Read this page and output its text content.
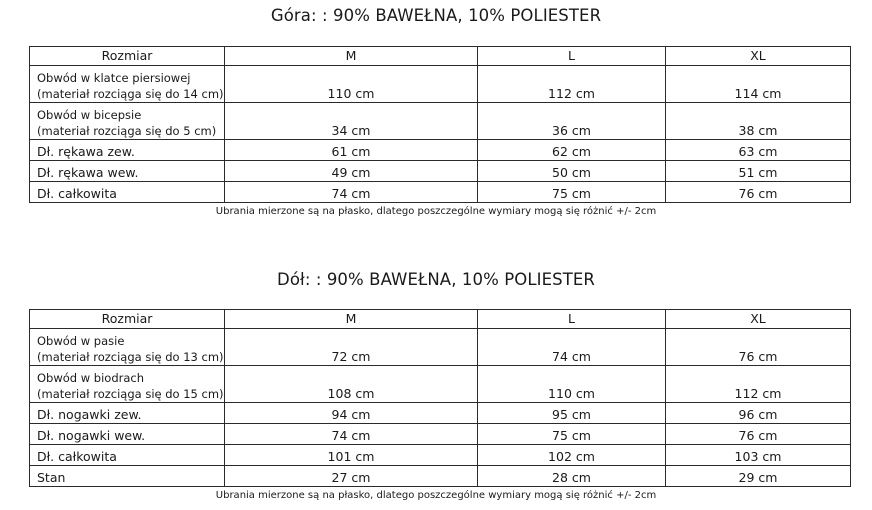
Góra: : 90% BAWEŁNA, 10% POLIESTER
Rozmiar	M	L	XL

Obwód w klatce piersiowej
(materiał rozciąga się do 14 cm)	110 cm	112 cm	114 cm

Obwód w bicepsie
(materiał rozciąga się do 5 cm)	34 cm	36 cm	38 cm
Dł. rękawa zew.	61 cm	62 cm	63 cm
Dł. rękawa wew.	49 cm	50 cm	51 cm
Dł. całkowita	74 cm	75 cm	76 cm
Ubrania mierzone są na płasko, dlatego poszczególne wymiary mogą się różnić +/- 2cm
Dół: : 90% BAWEŁNA, 10% POLIESTER
Rozmiar	M	L	XL

Obwód w pasie
(materiał rozciąga się do 13 cm)	72 cm	74 cm	76 cm

Obwód w biodrach
(materiał rozciąga się do 15 cm)	108 cm	110 cm	112 cm
Dł. nogawki zew.	94 cm	95 cm	96 cm
Dł. nogawki wew.	74 cm	75 cm	76 cm
Dł. całkowita	101 cm	102 cm	103 cm
Stan	27 cm	28 cm	29 cm
Ubrania mierzone są na płasko, dlatego poszczególne wymiary mogą się różnić +/- 2cm
